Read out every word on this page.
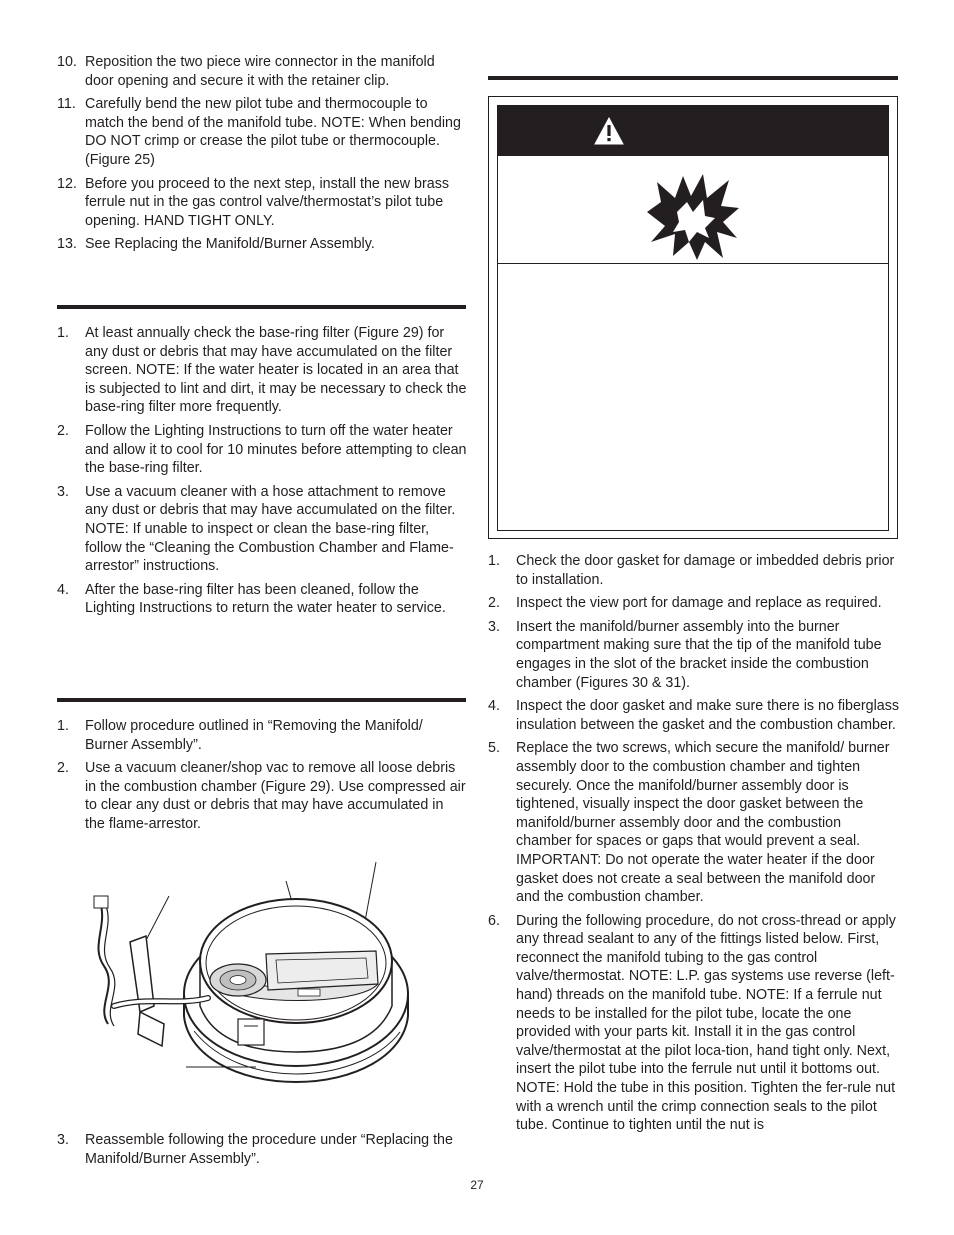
10. Reposition the two piece wire connector in the manifold door opening and secure it with the retainer clip.
11. Carefully bend the new pilot tube and thermocouple to match the bend of the manifold tube. NOTE: When bending DO NOT crimp or crease the pilot tube or thermocouple. (Figure 25)
12. Before you proceed to the next step, install the new brass ferrule nut in the gas control valve/thermostat’s pilot tube opening. HAND TIGHT ONLY.
13. See Replacing the Manifold/Burner Assembly.
1. At least annually check the base-ring filter (Figure 29) for any dust or debris that may have accumulated on the filter screen. NOTE: If the water heater is located in an area that is subjected to lint and dirt, it may be necessary to check the base-ring filter more frequently.
2. Follow the Lighting Instructions to turn off the water heater and allow it to cool for 10 minutes before attempting to clean the base-ring filter.
3. Use a vacuum cleaner with a hose attachment to remove any dust or debris that may have accumulated on the filter. NOTE: If unable to inspect or clean the base-ring filter, follow the “Cleaning the Combustion Chamber and Flame-arrestor” instructions.
4. After the base-ring filter has been cleaned, follow the Lighting Instructions to return the water heater to service.
1. Follow procedure outlined in “Removing the Manifold/ Burner Assembly”.
2. Use a vacuum cleaner/shop vac to remove all loose debris in the combustion chamber (Figure 29). Use compressed air to clear any dust or debris that may have accumulated in the flame-arrestor.
3. Reassemble following the procedure under “Replacing the Manifold/Burner Assembly”.
1. Check the door gasket for damage or imbedded debris prior to installation.
2. Inspect the view port for damage and replace as required.
3. Insert the manifold/burner assembly into the burner compartment making sure that the tip of the manifold tube engages in the slot of the bracket inside the combustion chamber (Figures 30 & 31).
4. Inspect the door gasket and make sure there is no fiberglass insulation between the gasket and the combustion chamber.
5. Replace the two screws, which secure the manifold/ burner assembly door to the combustion chamber and tighten securely. Once the manifold/burner assembly door is tightened, visually inspect the door gasket between the manifold/burner assembly door and the combustion chamber for spaces or gaps that would prevent a seal. IMPORTANT: Do not operate the water heater if the door gasket does not create a seal between the manifold door and the combustion chamber.
6. During the following procedure, do not cross-thread or apply any thread sealant to any of the fittings listed below. First, reconnect the manifold tubing to the gas control valve/thermostat. NOTE: L.P. gas systems use reverse (left-hand) threads on the manifold tube. NOTE: If a ferrule nut needs to be installed for the pilot tube, locate the one provided with your parts kit. Install it in the gas control valve/thermostat at the pilot loca-tion, hand tight only. Next, insert the pilot tube into the ferrule nut until it bottoms out. NOTE: Hold the tube in this position. Tighten the fer-rule nut with a wrench until the crimp connection seals to the pilot tube. Continue to tighten until the nut is
27
